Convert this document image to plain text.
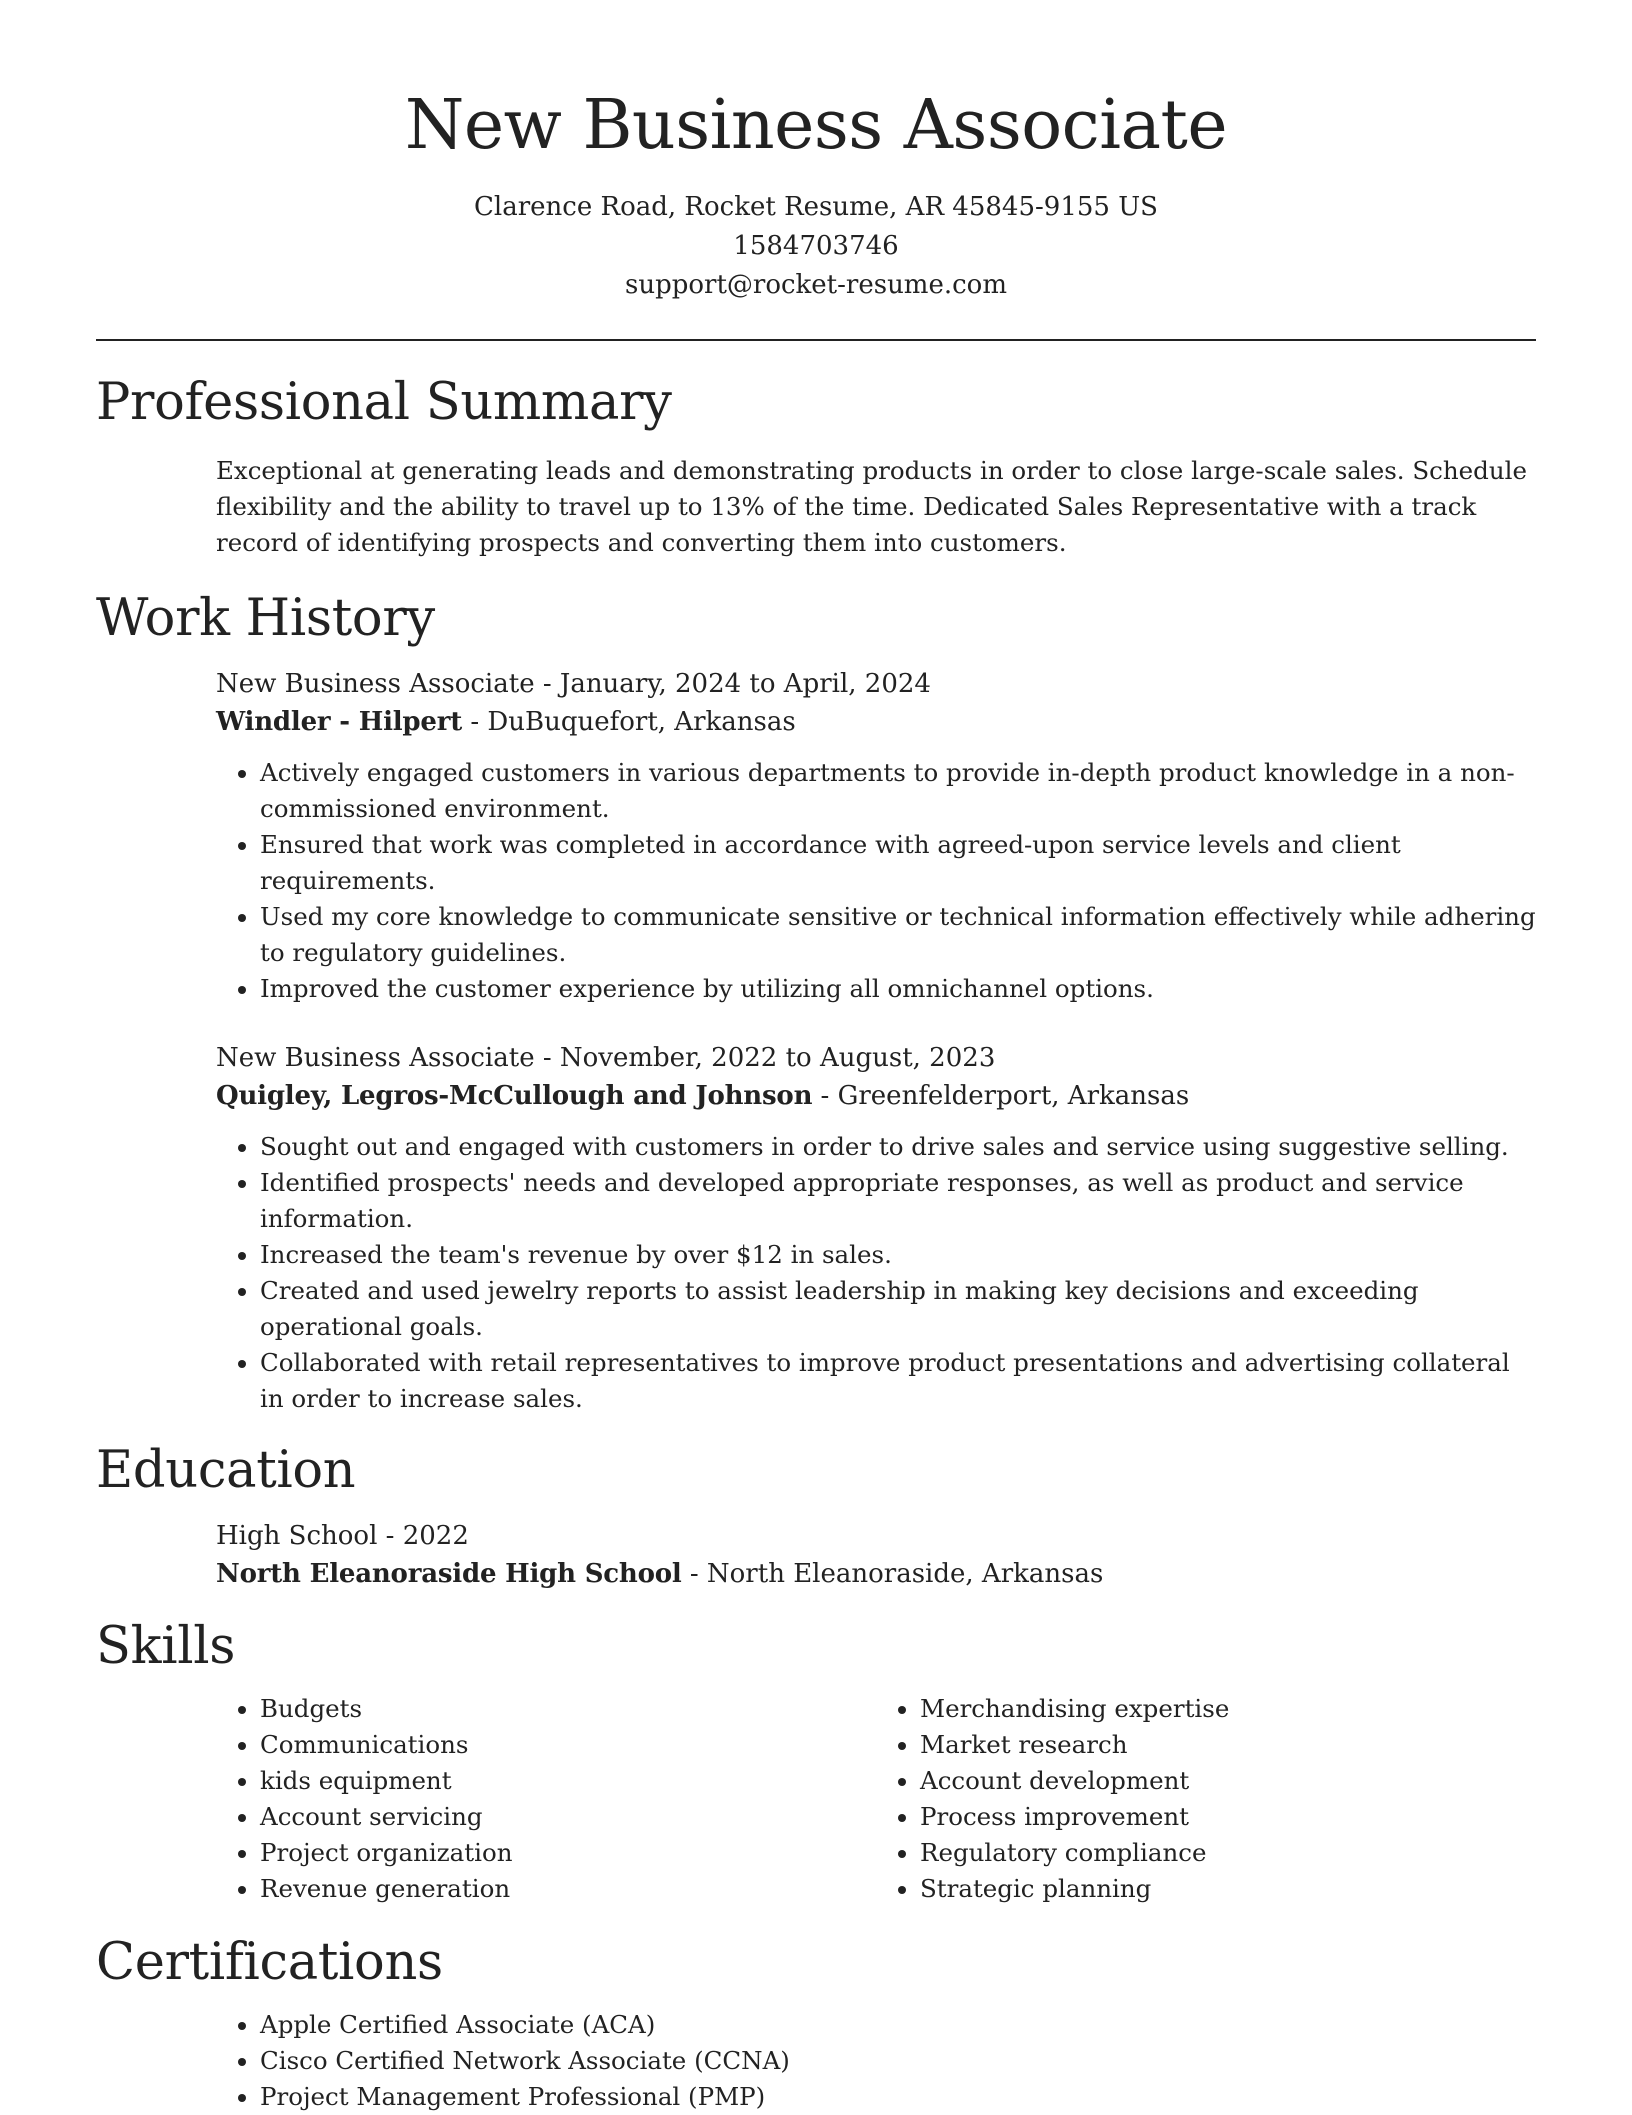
New Business Associate
Clarence Road, Rocket Resume, AR 45845-9155 US
1584703746
support@rocket-resume.com
Professional Summary

Exceptional at generating leads and demonstrating products in order to close large-scale sales. Schedule flexibility and the ability to travel up to 13% of the time. Dedicated Sales Representative with a track record of identifying prospects and converting them into customers.

Work History

New Business Associate - January, 2024 to April, 2024

Windler - Hilpert - DuBuquefort, Arkansas

• Actively engaged customers in various departments to provide in-depth product knowledge in a non-commissioned environment.
• Ensured that work was completed in accordance with agreed-upon service levels and client requirements.
• Used my core knowledge to communicate sensitive or technical information effectively while adhering to regulatory guidelines.
• Improved the customer experience by utilizing all omnichannel options.

New Business Associate - November, 2022 to August, 2023

Quigley, Legros-McCullough and Johnson - Greenfelderport, Arkansas

• Sought out and engaged with customers in order to drive sales and service using suggestive selling.
• Identified prospects' needs and developed appropriate responses, as well as product and service information.
• Increased the team's revenue by over $12 in sales.
• Created and used jewelry reports to assist leadership in making key decisions and exceeding operational goals.
• Collaborated with retail representatives to improve product presentations and advertising collateral in order to increase sales.
Education

High School - 2022

North Eleanoraside High School - North Eleanoraside, Arkansas

Skills
• Budgets
• Communications
• kids equipment
• Account servicing
• Project organization
• Revenue generation
• Merchandising expertise
• Market research
• Account development
• Process improvement
• Regulatory compliance
• Strategic planning
Certifications
• Apple Certified Associate (ACA)
• Cisco Certified Network Associate (CCNA)
• Project Management Professional (PMP)
